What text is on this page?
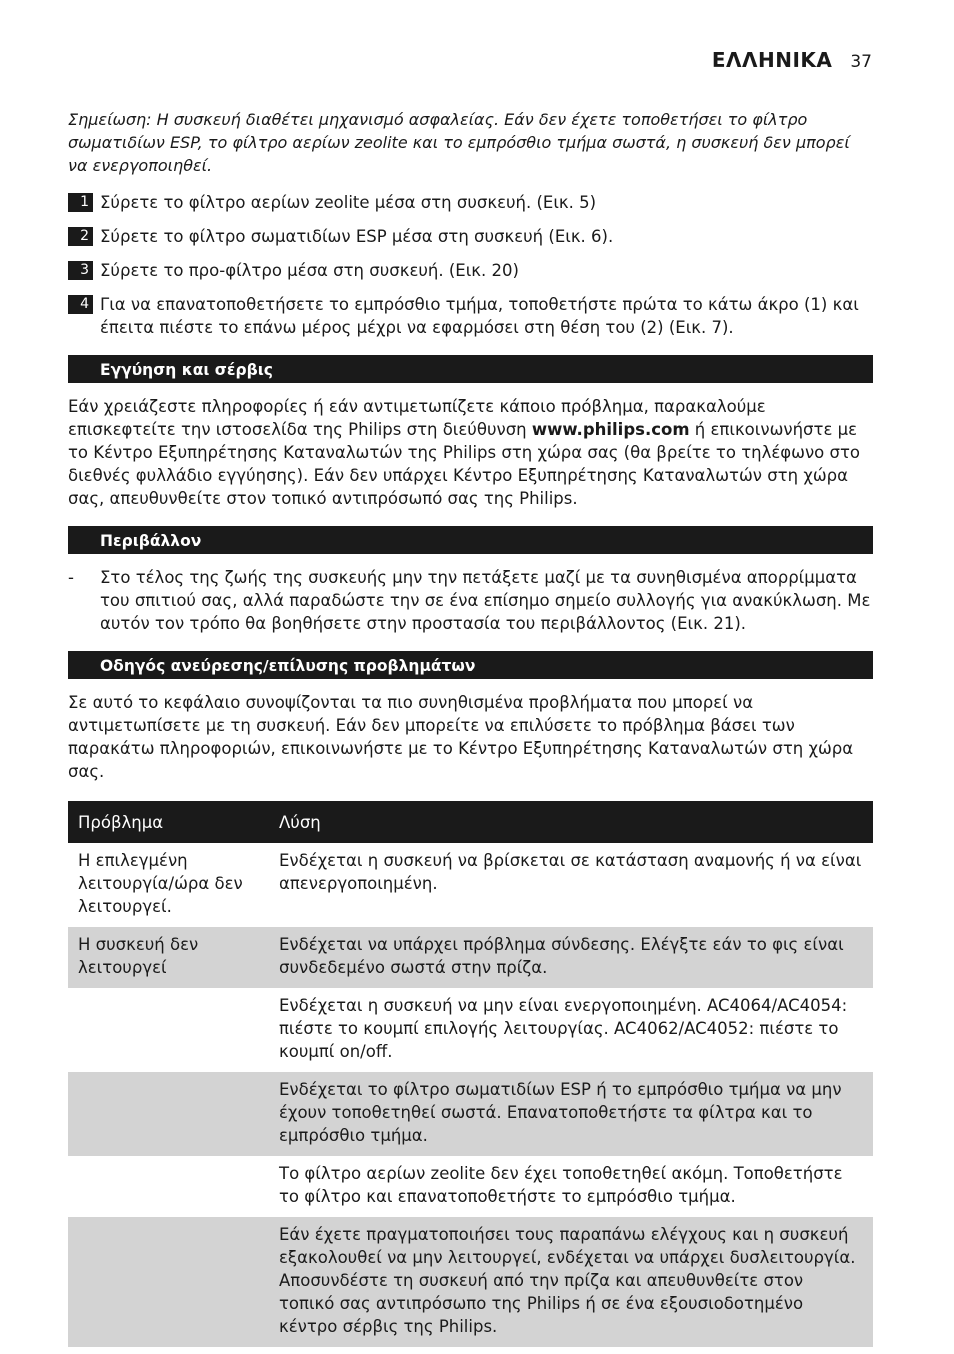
ΕΛΛΗΝΙΚΑ 37

Σημείωση: Η συσκευή διαθέτει μηχανισμό ασφαλείας. Εάν δεν έχετε τοποθετήσει το φίλτρο σωματιδίων ESP, το φίλτρο αερίων zeolite και το εμπρόσθιο τμήμα σωστά, η συσκευή δεν μπορεί να ενεργοποιηθεί.

1 Σύρετε το φίλτρο αερίων zeolite μέσα στη συσκευή. (Εικ. 5)
2 Σύρετε το φίλτρο σωματιδίων ESP μέσα στη συσκευή (Εικ. 6).
3 Σύρετε το προ-φίλτρο μέσα στη συσκευή. (Εικ. 20)
4 Για να επανατοποθετήσετε το εμπρόσθιο τμήμα, τοποθετήστε πρώτα το κάτω άκρο (1) και έπειτα πιέστε το επάνω μέρος μέχρι να εφαρμόσει στη θέση του (2) (Εικ. 7).
Εγγύηση και σέρβις

Εάν χρειάζεστε πληροφορίες ή εάν αντιμετωπίζετε κάποιο πρόβλημα, παρακαλούμε επισκεφτείτε την ιστοσελίδα της Philips στη διεύθυνση www.philips.com ή επικοινωνήστε με το Κέντρο Εξυπηρέτησης Καταναλωτών της Philips στη χώρα σας (θα βρείτε το τηλέφωνο στο διεθνές φυλλάδιο εγγύησης). Εάν δεν υπάρχει Κέντρο Εξυπηρέτησης Καταναλωτών στη χώρα σας, απευθυνθείτε στον τοπικό αντιπρόσωπό σας της Philips.

Περιβάλλον
-	Στο τέλος της ζωής της συσκευής μην την πετάξετε μαζί με τα συνηθισμένα απορρίμματα του σπιτιού σας, αλλά παραδώστε την σε ένα επίσημο σημείο συλλογής για ανακύκλωση. Με αυτόν τον τρόπο θα βοηθήσετε στην προστασία του περιβάλλοντος (Εικ. 21).
Οδηγός ανεύρεσης/επίλυσης προβλημάτων

Σε αυτό το κεφάλαιο συνοψίζονται τα πιο συνηθισμένα προβλήματα που μπορεί να αντιμετωπίσετε με τη συσκευή. Εάν δεν μπορείτε να επιλύσετε το πρόβλημα βάσει των παρακάτω πληροφοριών, επικοινωνήστε με το Κέντρο Εξυπηρέτησης Καταναλωτών στη χώρα σας.

Πρόβλημα	Λύση
Η επιλεγμένη λειτουργία/ώρα δεν λειτουργεί.	Ενδέχεται η συσκευή να βρίσκεται σε κατάσταση αναμονής ή να είναι απενεργοποιημένη.
Η συσκευή δεν λειτουργεί	Ενδέχεται να υπάρχει πρόβλημα σύνδεσης. Ελέγξτε εάν το φις είναι συνδεδεμένο σωστά στην πρίζα.
	Ενδέχεται η συσκευή να μην είναι ενεργοποιημένη. AC4064/AC4054: πιέστε το κουμπί επιλογής λειτουργίας. AC4062/AC4052: πιέστε το κουμπί on/off.
	Ενδέχεται το φίλτρο σωματιδίων ESP ή το εμπρόσθιο τμήμα να μην έχουν τοποθετηθεί σωστά. Επανατοποθετήστε τα φίλτρα και το εμπρόσθιο τμήμα.
	Το φίλτρο αερίων zeolite δεν έχει τοποθετηθεί ακόμη. Τοποθετήστε το φίλτρο και επανατοποθετήστε το εμπρόσθιο τμήμα.
	Εάν έχετε πραγματοποιήσει τους παραπάνω ελέγχους και η συσκευή εξακολουθεί να μην λειτουργεί, ενδέχεται να υπάρχει δυσλειτουργία. Αποσυνδέστε τη συσκευή από την πρίζα και απευθυνθείτε στον τοπικό σας αντιπρόσωπο της Philips ή σε ένα εξουσιοδοτημένο κέντρο σέρβις της Philips.
